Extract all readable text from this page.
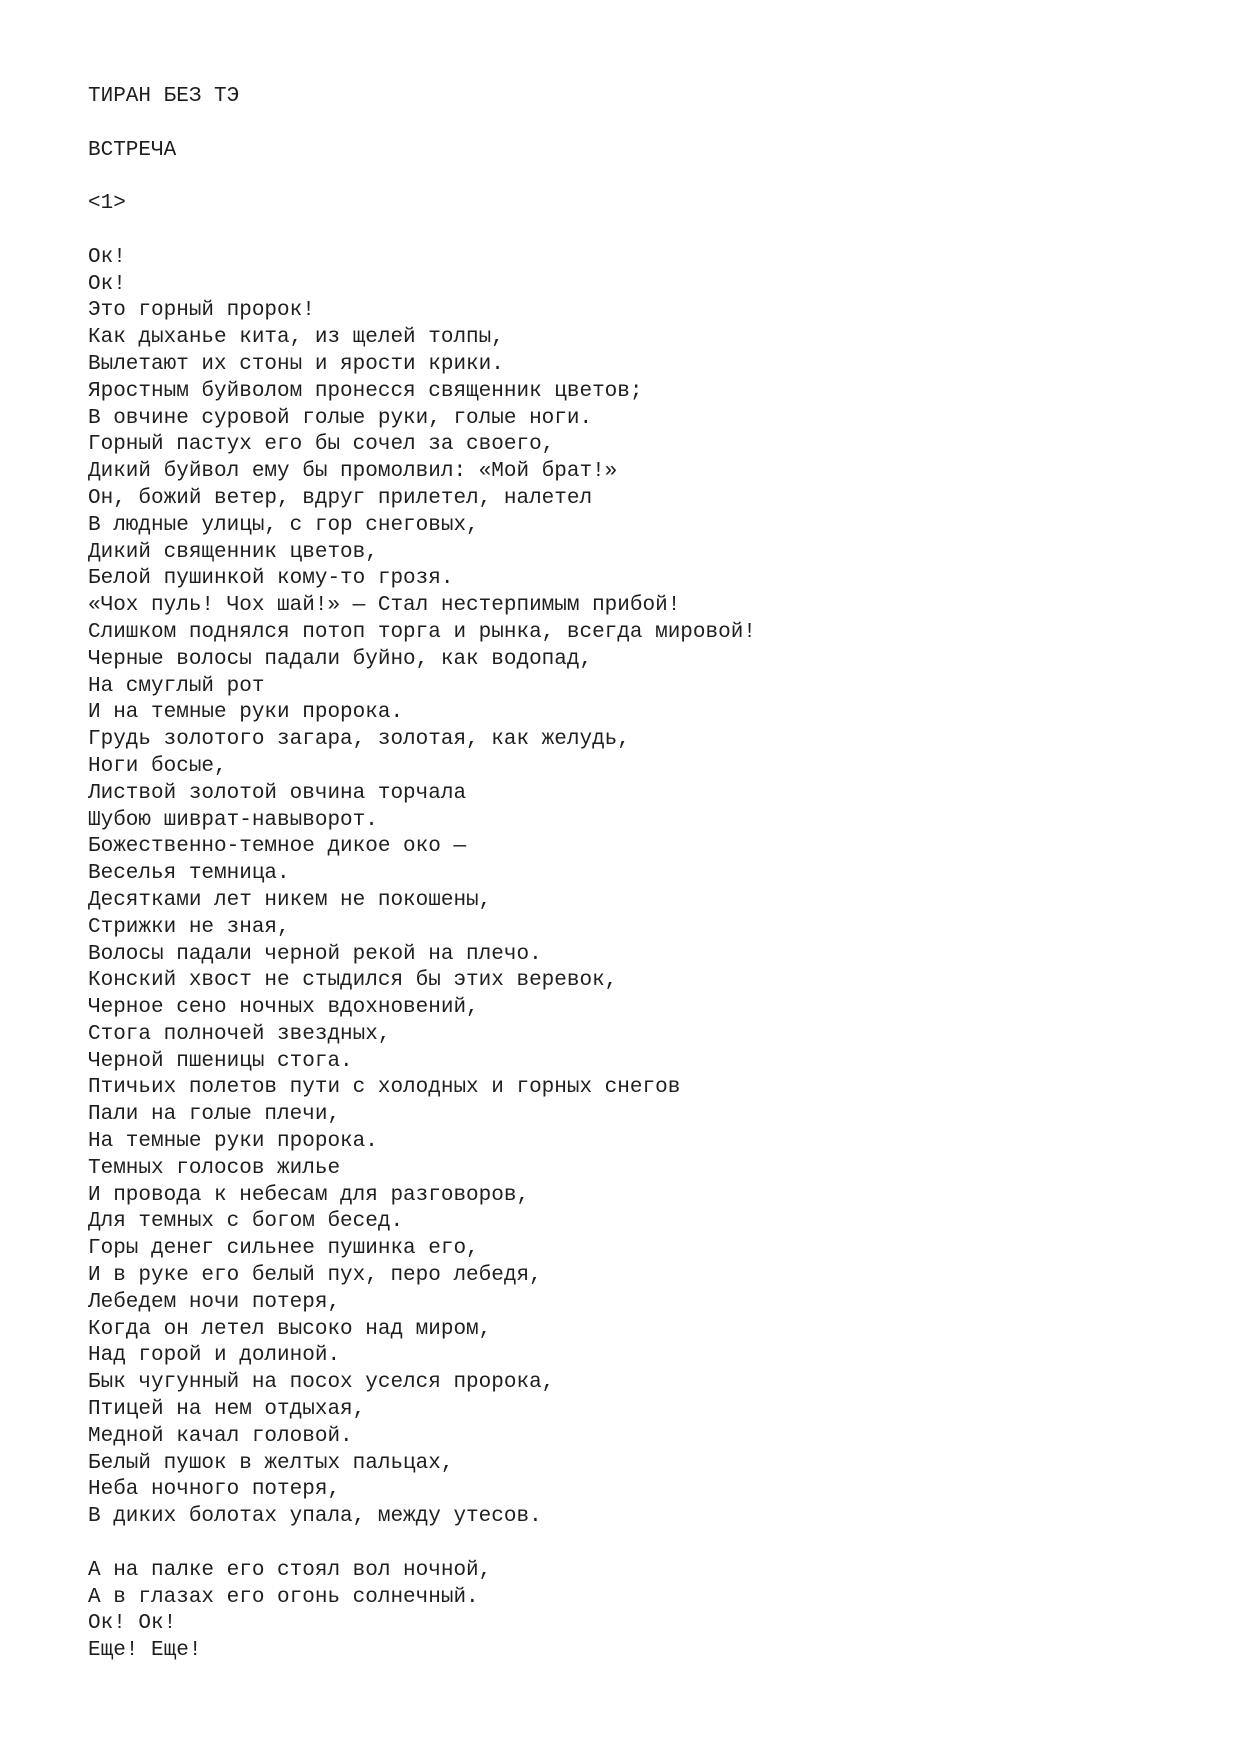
ТИРАН БЕЗ ТЭ
ВСТРЕЧА
<1>
Ок!
Ок!
Это горный пророк!
Как дыханье кита, из щелей толпы,
Вылетают их стоны и ярости крики.
Яростным буйволом пронесся священник цветов;
В овчине суровой голые руки, голые ноги.
Горный пастух его бы сочел за своего,
Дикий буйвол ему бы промолвил: «Мой брат!»
Он, божий ветер, вдруг прилетел, налетел
В людные улицы, с гор снеговых,
Дикий священник цветов,
Белой пушинкой кому-то грозя.
«Чох пуль! Чох шай!» — Стал нестерпимым прибой!
Слишком поднялся потоп торга и рынка, всегда мировой!
Черные волосы падали буйно, как водопад,
На смуглый рот
И на темные руки пророка.
Грудь золотого загара, золотая, как желудь,
Ноги босые,
Листвой золотой овчина торчала
Шубою шиврат-навыворот.
Божественно-темное дикое око —
Веселья темница.
Десятками лет никем не покошены,
Стрижки не зная,
Волосы падали черной рекой на плечо.
Конский хвост не стыдился бы этих веревок,
Черное сено ночных вдохновений,
Стога полночей звездных,
Черной пшеницы стога.
Птичьих полетов пути с холодных и горных снегов
Пали на голые плечи,
На темные руки пророка.
Темных голосов жилье
И провода к небесам для разговоров,
Для темных с богом бесед.
Горы денег сильнее пушинка его,
И в руке его белый пух, перо лебедя,
Лебедем ночи потеря,
Когда он летел высоко над миром,
Над горой и долиной.
Бык чугунный на посох уселся пророка,
Птицей на нем отдыхая,
Медной качал головой.
Белый пушок в желтых пальцах,
Неба ночного потеря,
В диких болотах упала, между утесов.
А на палке его стоял вол ночной,
А в глазах его огонь солнечный.
Ок! Ок!
Еще! Еще!
